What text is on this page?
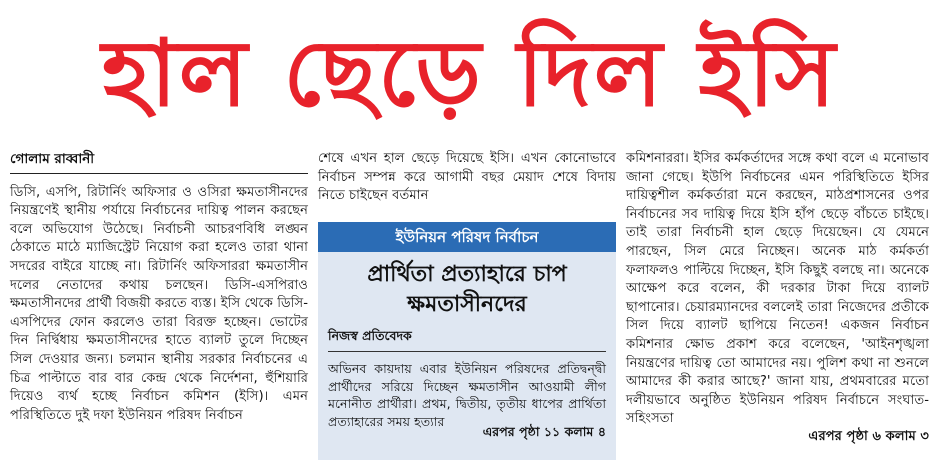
হাল ছেড়ে দিল ইসি
গোলাম রাব্বানী

ডিসি, এসপি, রিটার্নিং অফিসার ও ওসিরা ক্ষমতাসীনদের নিয়ন্ত্রণেই স্থানীয় পর্যায়ে নির্বাচনের দায়িত্ব পালন করছেন বলে অভিযোগ উঠেছে। নির্বাচনী আচরণবিধি লঙ্ঘন ঠেকাতে মাঠে ম্যাজিস্ট্রেট নিয়োগ করা হলেও তারা থানা সদরের বাইরে যাচ্ছে না। রিটার্নিং অফিসাররা ক্ষমতাসীন দলের নেতাদের কথায় চলছেন। ডিসি-এসপিরাও ক্ষমতাসীনদের প্রার্থী বিজয়ী করতে ব্যস্ত। ইসি থেকে ডিসি-এসপিদের ফোন করলেও তারা বিরক্ত হচ্ছেন। ভোটের দিন নির্দ্বিধায় ক্ষমতাসীনদের হাতে ব্যালট তুলে দিচ্ছেন সিল দেওয়ার জন্য। চলমান স্থানীয় সরকার নির্বাচনের এ চিত্র পাল্টাতে বার বার কেন্দ্র থেকে নির্দেশনা, হুঁশিয়ারি দিয়েও ব্যর্থ হচ্ছে নির্বাচন কমিশন (ইসি)। এমন পরিস্থিতিতে দুই দফা ইউনিয়ন পরিষদ নির্বাচন

শেষে এখন হাল ছেড়ে দিয়েছে ইসি। এখন কোনোভাবে নির্বাচন সম্পন্ন করে আগামী বছর মেয়াদ শেষে বিদায় নিতে চাইছেন বর্তমান

ইউনিয়ন পরিষদ নির্বাচন
প্রার্থিতা প্রত্যাহারে চাপ ক্ষমতাসীনদের
নিজস্ব প্রতিবেদক
অভিনব কায়দায় এবার ইউনিয়ন পরিষদের প্রতিদ্বন্দ্বী প্রার্থীদের সরিয়ে দিচ্ছেন ক্ষমতাসীন আওয়ামী লীগ মনোনীত প্রার্থীরা। প্রথম, দ্বিতীয়, তৃতীয় ধাপের প্রার্থিতা প্রত্যাহারের সময় হত্যার
এরপর পৃষ্ঠা ১১ কলাম ৪

কমিশনাররা। ইসির কর্মকর্তাদের সঙ্গে কথা বলে এ মনোভাব জানা গেছে। ইউপি নির্বাচনের এমন পরিস্থিতিতে ইসির দায়িত্বশীল কর্মকর্তারা মনে করছেন, মাঠপ্রশাসনের ওপর নির্বাচনের সব দায়িত্ব দিয়ে ইসি হাঁপ ছেড়ে বাঁচতে চাইছে। তাই তারা নির্বাচনী হাল ছেড়ে দিয়েছেন। যে যেমনে পারছেন, সিল মেরে নিচ্ছেন। অনেক মাঠ কর্মকর্তা ফলাফলও পাল্টিয়ে দিচ্ছেন, ইসি কিছুই বলছে না। অনেকে আক্ষেপ করে বলেন, কী দরকার টাকা দিয়ে ব্যালট ছাপানোর। চেয়ারম্যানদের বললেই তারা নিজেদের প্রতীকে সিল দিয়ে ব্যালট ছাপিয়ে নিতেন! একজন নির্বাচন কমিশনার ক্ষোভ প্রকাশ করে বলেছেন, 'আইনশৃঙ্খলা নিয়ন্ত্রণের দায়িত্ব তো আমাদের নয়। পুলিশ কথা না শুনলে আমাদের কী করার আছে?' জানা যায়, প্রথমবারের মতো দলীয়ভাবে অনুষ্ঠিত ইউনিয়ন পরিষদ নির্বাচনে সংঘাত-সহিংসতা

এরপর পৃষ্ঠা ৬ কলাম ৩
